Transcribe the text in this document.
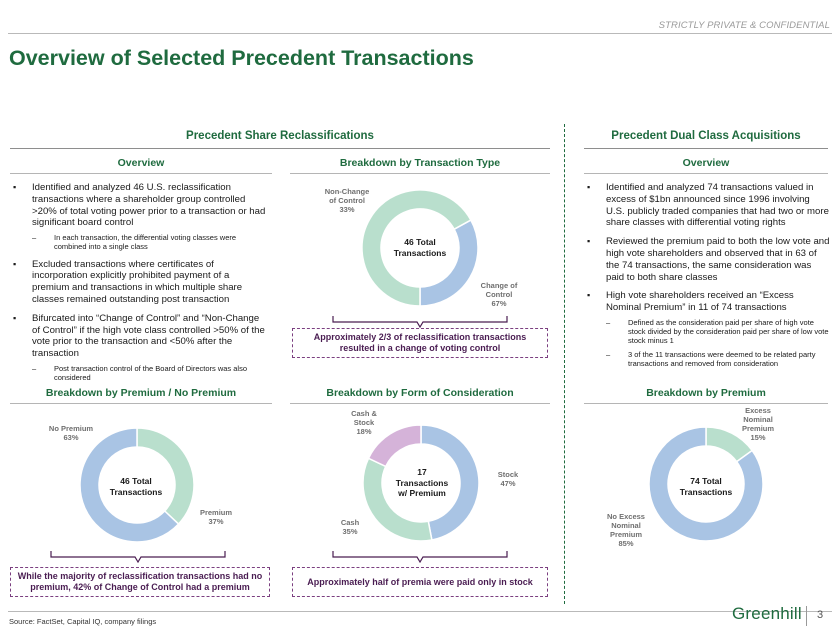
STRICTLY PRIVATE & CONFIDENTIAL
Overview of Selected Precedent Transactions
Precedent Share Reclassifications	Precedent Dual Class Acquisitions
Overview	Breakdown by Transaction Type	Overview
Breakdown by Premium / No Premium	Breakdown by Form of Consideration	Breakdown by Premium
▪ Identified and analyzed 46 U.S. reclassification transactions where a shareholder group controlled >20% of total voting power prior to a transaction or had significant board control
– In each transaction, the differential voting classes were combined into a single class
▪ Excluded transactions where certificates of incorporation explicitly prohibited payment of a premium and transactions in which multiple share classes remained outstanding post transaction
▪ Bifurcated into “Change of Control” and “Non-Change of Control” if the high vote class controlled >50% of the vote prior to the transaction and <50% after the transaction
– Post transaction control of the Board of Directors was also considered
▪ Identified and analyzed 74 transactions valued in excess of $1bn announced since 1996 involving U.S. publicly traded companies that had two or more share classes with differential voting rights
▪ Reviewed the premium paid to both the low vote and high vote shareholders and observed that in 63 of the 74 transactions, the same consideration was paid to both share classes
▪ High vote shareholders received an “Excess Nominal Premium” in 11 of 74 transactions
– Defined as the consideration paid per share of high vote stock divided by the consideration paid per share of low vote stock minus 1
– 3 of the 11 transactions were deemed to be related party transactions and removed from consideration
46 Total
Transactions
Non-Change
of Control
33%
Change of
Control
67%
Approximately 2/3 of reclassification transactions resulted in a change of voting control
46 Total
Transactions
No Premium
63%
Premium
37%
While the majority of reclassification transactions had no premium, 42% of Change of Control had a premium
17
Transactions
w/ Premium
Cash &
Stock
18%
Stock
47%
Cash
35%
Approximately half of premia were paid only in stock
74 Total
Transactions
Excess
Nominal
Premium
15%
No Excess
Nominal
Premium
85%
Source: FactSet, Capital IQ, company filings	Greenhill 3
